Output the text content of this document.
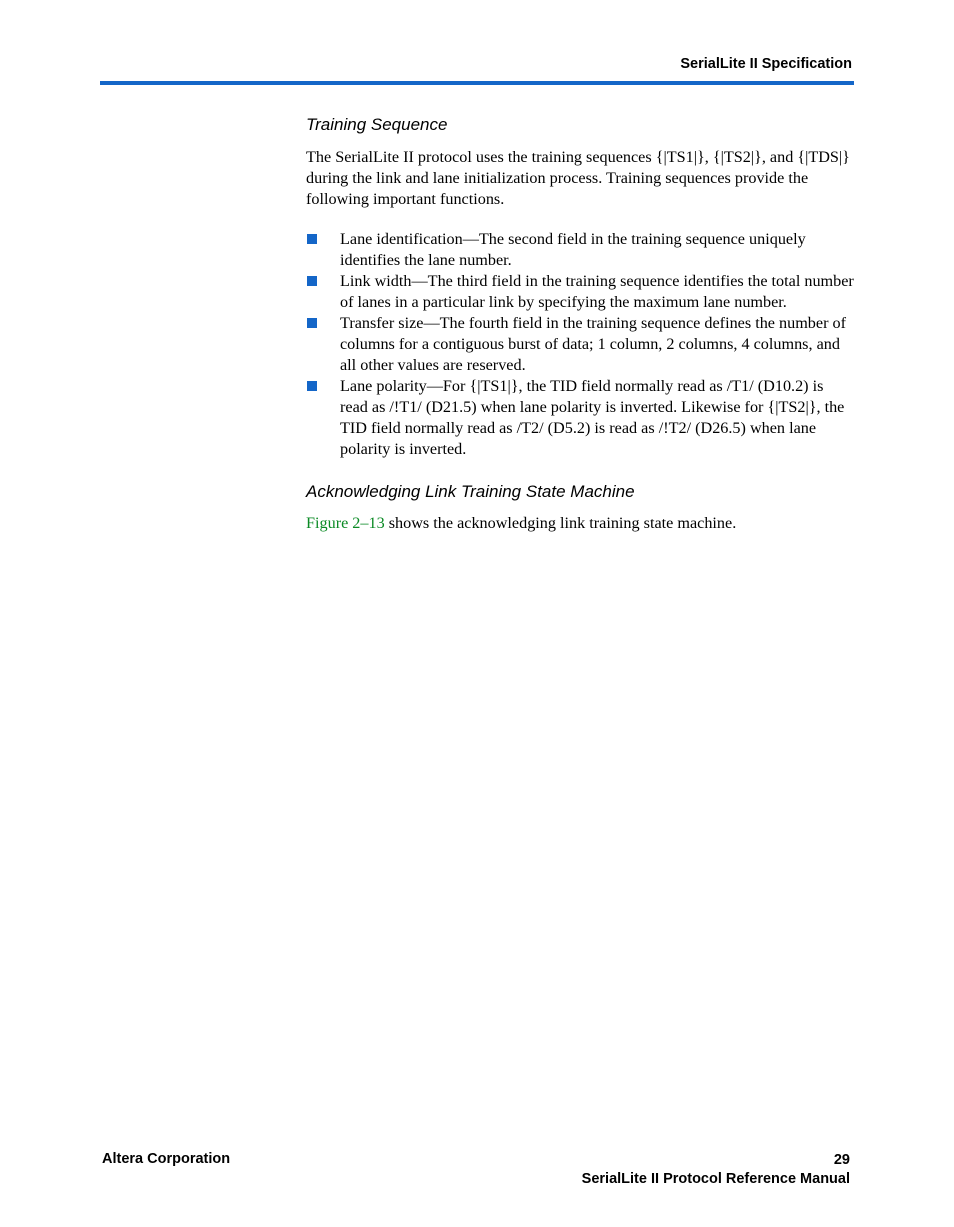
SerialLite II Specification
Training Sequence

The SerialLite II protocol uses the training sequences {|TS1|}, {|TS2|}, and {|TDS|} during the link and lane initialization process. Training sequences provide the following important functions.

Lane identification—The second field in the training sequence uniquely identifies the lane number.
Link width—The third field in the training sequence identifies the total number of lanes in a particular link by specifying the maximum lane number.
Transfer size—The fourth field in the training sequence defines the number of columns for a contiguous burst of data; 1 column, 2 columns, 4 columns, and all other values are reserved.
Lane polarity—For {|TS1|}, the TID field normally read as /T1/ (D10.2) is read as /!T1/ (D21.5) when lane polarity is inverted. Likewise for {|TS2|}, the TID field normally read as /T2/ (D5.2) is read as /!T2/ (D26.5) when lane polarity is inverted.
Acknowledging Link Training State Machine

Figure 2–13 shows the acknowledging link training state machine.

Altera Corporation	29
SerialLite II Protocol Reference Manual
